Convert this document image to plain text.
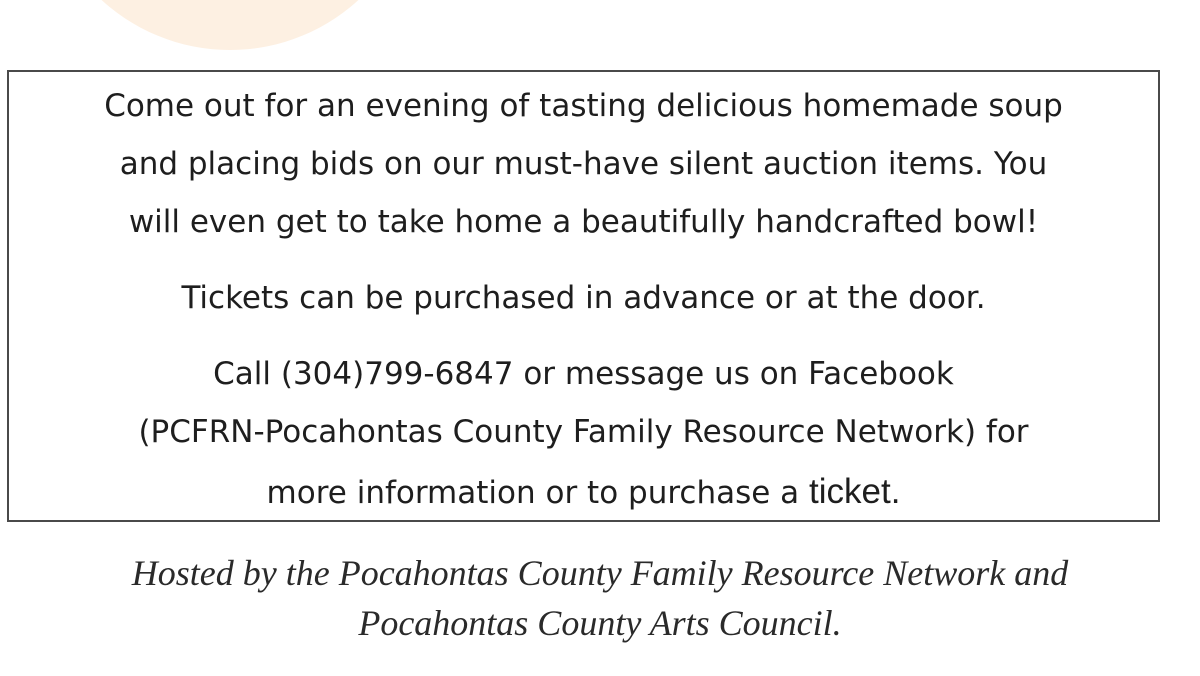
Come out for an evening of tasting delicious homemade soup
and placing bids on our must-have silent auction items. You
will even get to take home a beautifully handcrafted bowl!
Tickets can be purchased in advance or at the door.
Call (304)799-6847 or message us on Facebook
(PCFRN-Pocahontas County Family Resource Network) for
more information or to purchase a ticket.
Hosted by the Pocahontas County Family Resource Network and
Pocahontas County Arts Council.
